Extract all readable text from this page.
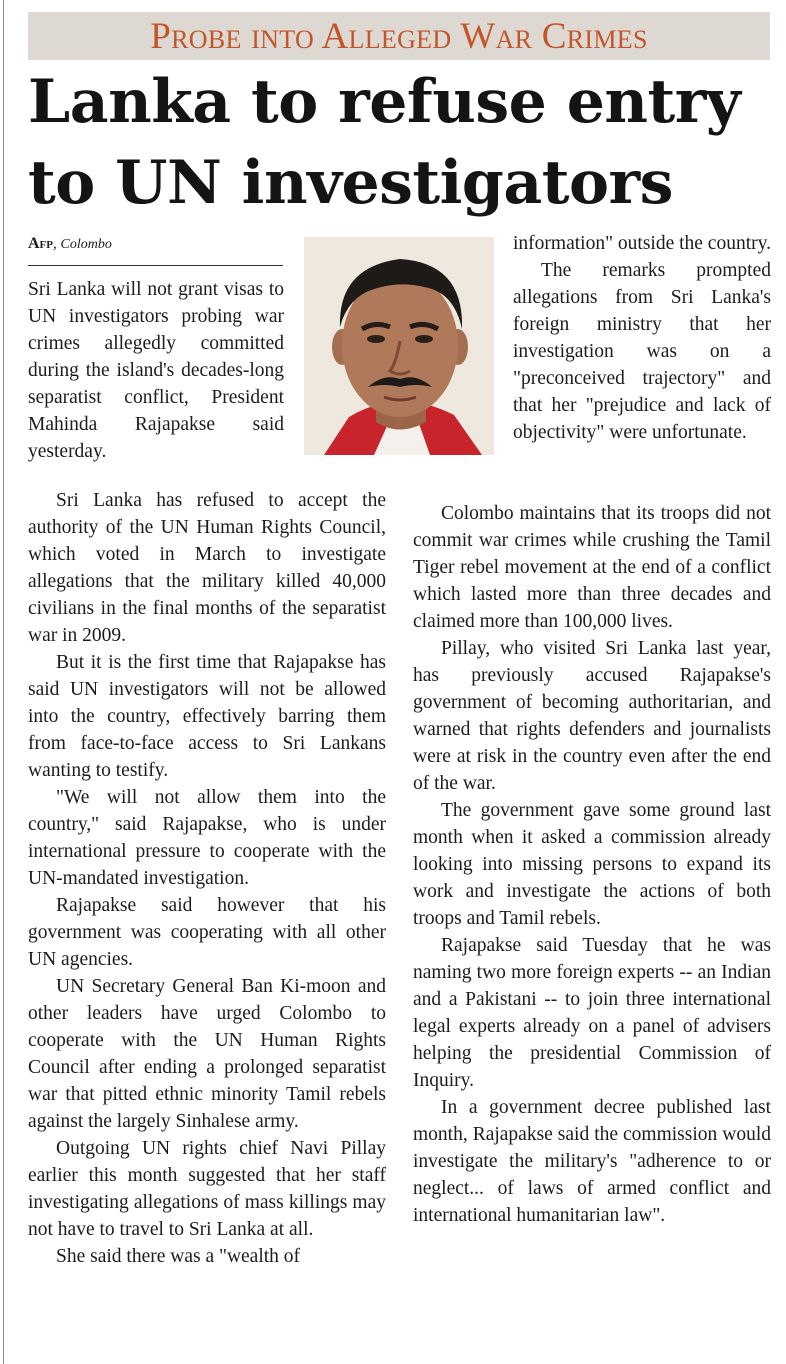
Probe into Alleged War Crimes
Lanka to refuse entry
to UN investigators
Afp, Colombo

Sri Lanka will not grant visas to UN investigators probing war crimes allegedly committed during the island's decades-long separatist conflict, President Mahinda Rajapakse said yesterday.

Sri Lanka has refused to accept the authority of the UN Human Rights Council, which voted in March to investigate allegations that the military killed 40,000 civilians in the final months of the separatist war in 2009.

But it is the first time that Rajapakse has said UN investigators will not be allowed into the country, effectively barring them from face-to-face access to Sri Lankans wanting to testify.

"We will not allow them into the country," said Rajapakse, who is under international pressure to cooperate with the UN-mandated investigation.

Rajapakse said however that his government was cooperating with all other UN agencies.

UN Secretary General Ban Ki-moon and other leaders have urged Colombo to cooperate with the UN Human Rights Council after ending a prolonged separatist war that pitted ethnic minority Tamil rebels against the largely Sinhalese army.

Outgoing UN rights chief Navi Pillay earlier this month suggested that her staff investigating allegations of mass killings may not have to travel to Sri Lanka at all.

She said there was a "wealth of

information" outside the country.

The remarks prompted allegations from Sri Lanka's foreign ministry that her investigation was on a "preconceived trajectory" and that her "prejudice and lack of objectivity" were unfortunate.

Colombo maintains that its troops did not commit war crimes while crushing the Tamil Tiger rebel movement at the end of a conflict which lasted more than three decades and claimed more than 100,000 lives.

Pillay, who visited Sri Lanka last year, has previously accused Rajapakse's government of becoming authoritarian, and warned that rights defenders and journalists were at risk in the country even after the end of the war.

The government gave some ground last month when it asked a commission already looking into missing persons to expand its work and investigate the actions of both troops and Tamil rebels.

Rajapakse said Tuesday that he was naming two more foreign experts -- an Indian and a Pakistani -- to join three international legal experts already on a panel of advisers helping the presidential Commission of Inquiry.

In a government decree published last month, Rajapakse said the commission would investigate the military's "adherence to or neglect... of laws of armed conflict and international humanitarian law".
